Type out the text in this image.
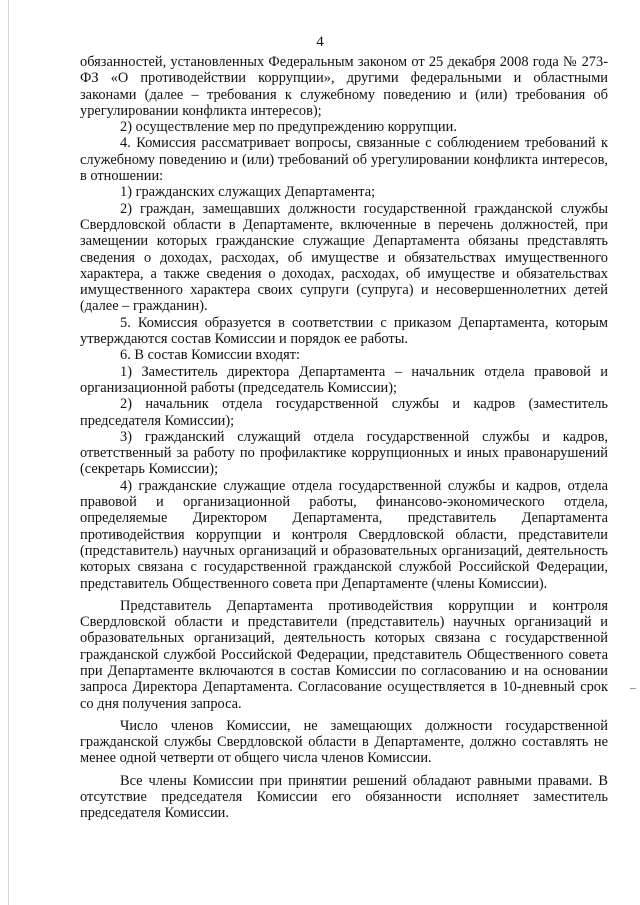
4

обязанностей, установленных Федеральным законом от 25 декабря 2008 года № 273-ФЗ «О противодействии коррупции», другими федеральными и областными законами (далее – требования к служебному поведению и (или) требования об урегулировании конфликта интересов);

2) осуществление мер по предупреждению коррупции.

4. Комиссия рассматривает вопросы, связанные с соблюдением требований к служебному поведению и (или) требований об урегулировании конфликта интересов, в отношении:

1) гражданских служащих Департамента;

2) граждан, замещавших должности государственной гражданской службы Свердловской области в Департаменте, включенные в перечень должностей, при замещении которых гражданские служащие Департамента обязаны представлять сведения о доходах, расходах, об имуществе и обязательствах имущественного характера, а также сведения о доходах, расходах, об имуществе и обязательствах имущественного характера своих супруги (супруга) и несовершеннолетних детей (далее – гражданин).

5. Комиссия образуется в соответствии с приказом Департамента, которым утверждаются состав Комиссии и порядок ее работы.

6. В состав Комиссии входят:

1) Заместитель директора Департамента – начальник отдела правовой и организационной работы (председатель Комиссии);

2) начальник отдела государственной службы и кадров (заместитель председателя Комиссии);

3) гражданский служащий отдела государственной службы и кадров, ответственный за работу по профилактике коррупционных и иных правонарушений (секретарь Комиссии);

4) гражданские служащие отдела государственной службы и кадров, отдела правовой и организационной работы, финансово-экономического отдела, определяемые Директором Департамента, представитель Департамента противодействия коррупции и контроля Свердловской области, представители (представитель) научных организаций и образовательных организаций, деятельность которых связана с государственной гражданской службой Российской Федерации, представитель Общественного совета при Департаменте (члены Комиссии).

Представитель Департамента противодействия коррупции и контроля Свердловской области и представители (представитель) научных организаций и образовательных организаций, деятельность которых связана с государственной гражданской службой Российской Федерации, представитель Общественного совета при Департаменте включаются в состав Комиссии по согласованию и на основании запроса Директора Департамента. Согласование осуществляется в 10-дневный срок со дня получения запроса.

Число членов Комиссии, не замещающих должности государственной гражданской службы Свердловской области в Департаменте, должно составлять не менее одной четверти от общего числа членов Комиссии.

Все члены Комиссии при принятии решений обладают равными правами. В отсутствие председателя Комиссии его обязанности исполняет заместитель председателя Комиссии.
